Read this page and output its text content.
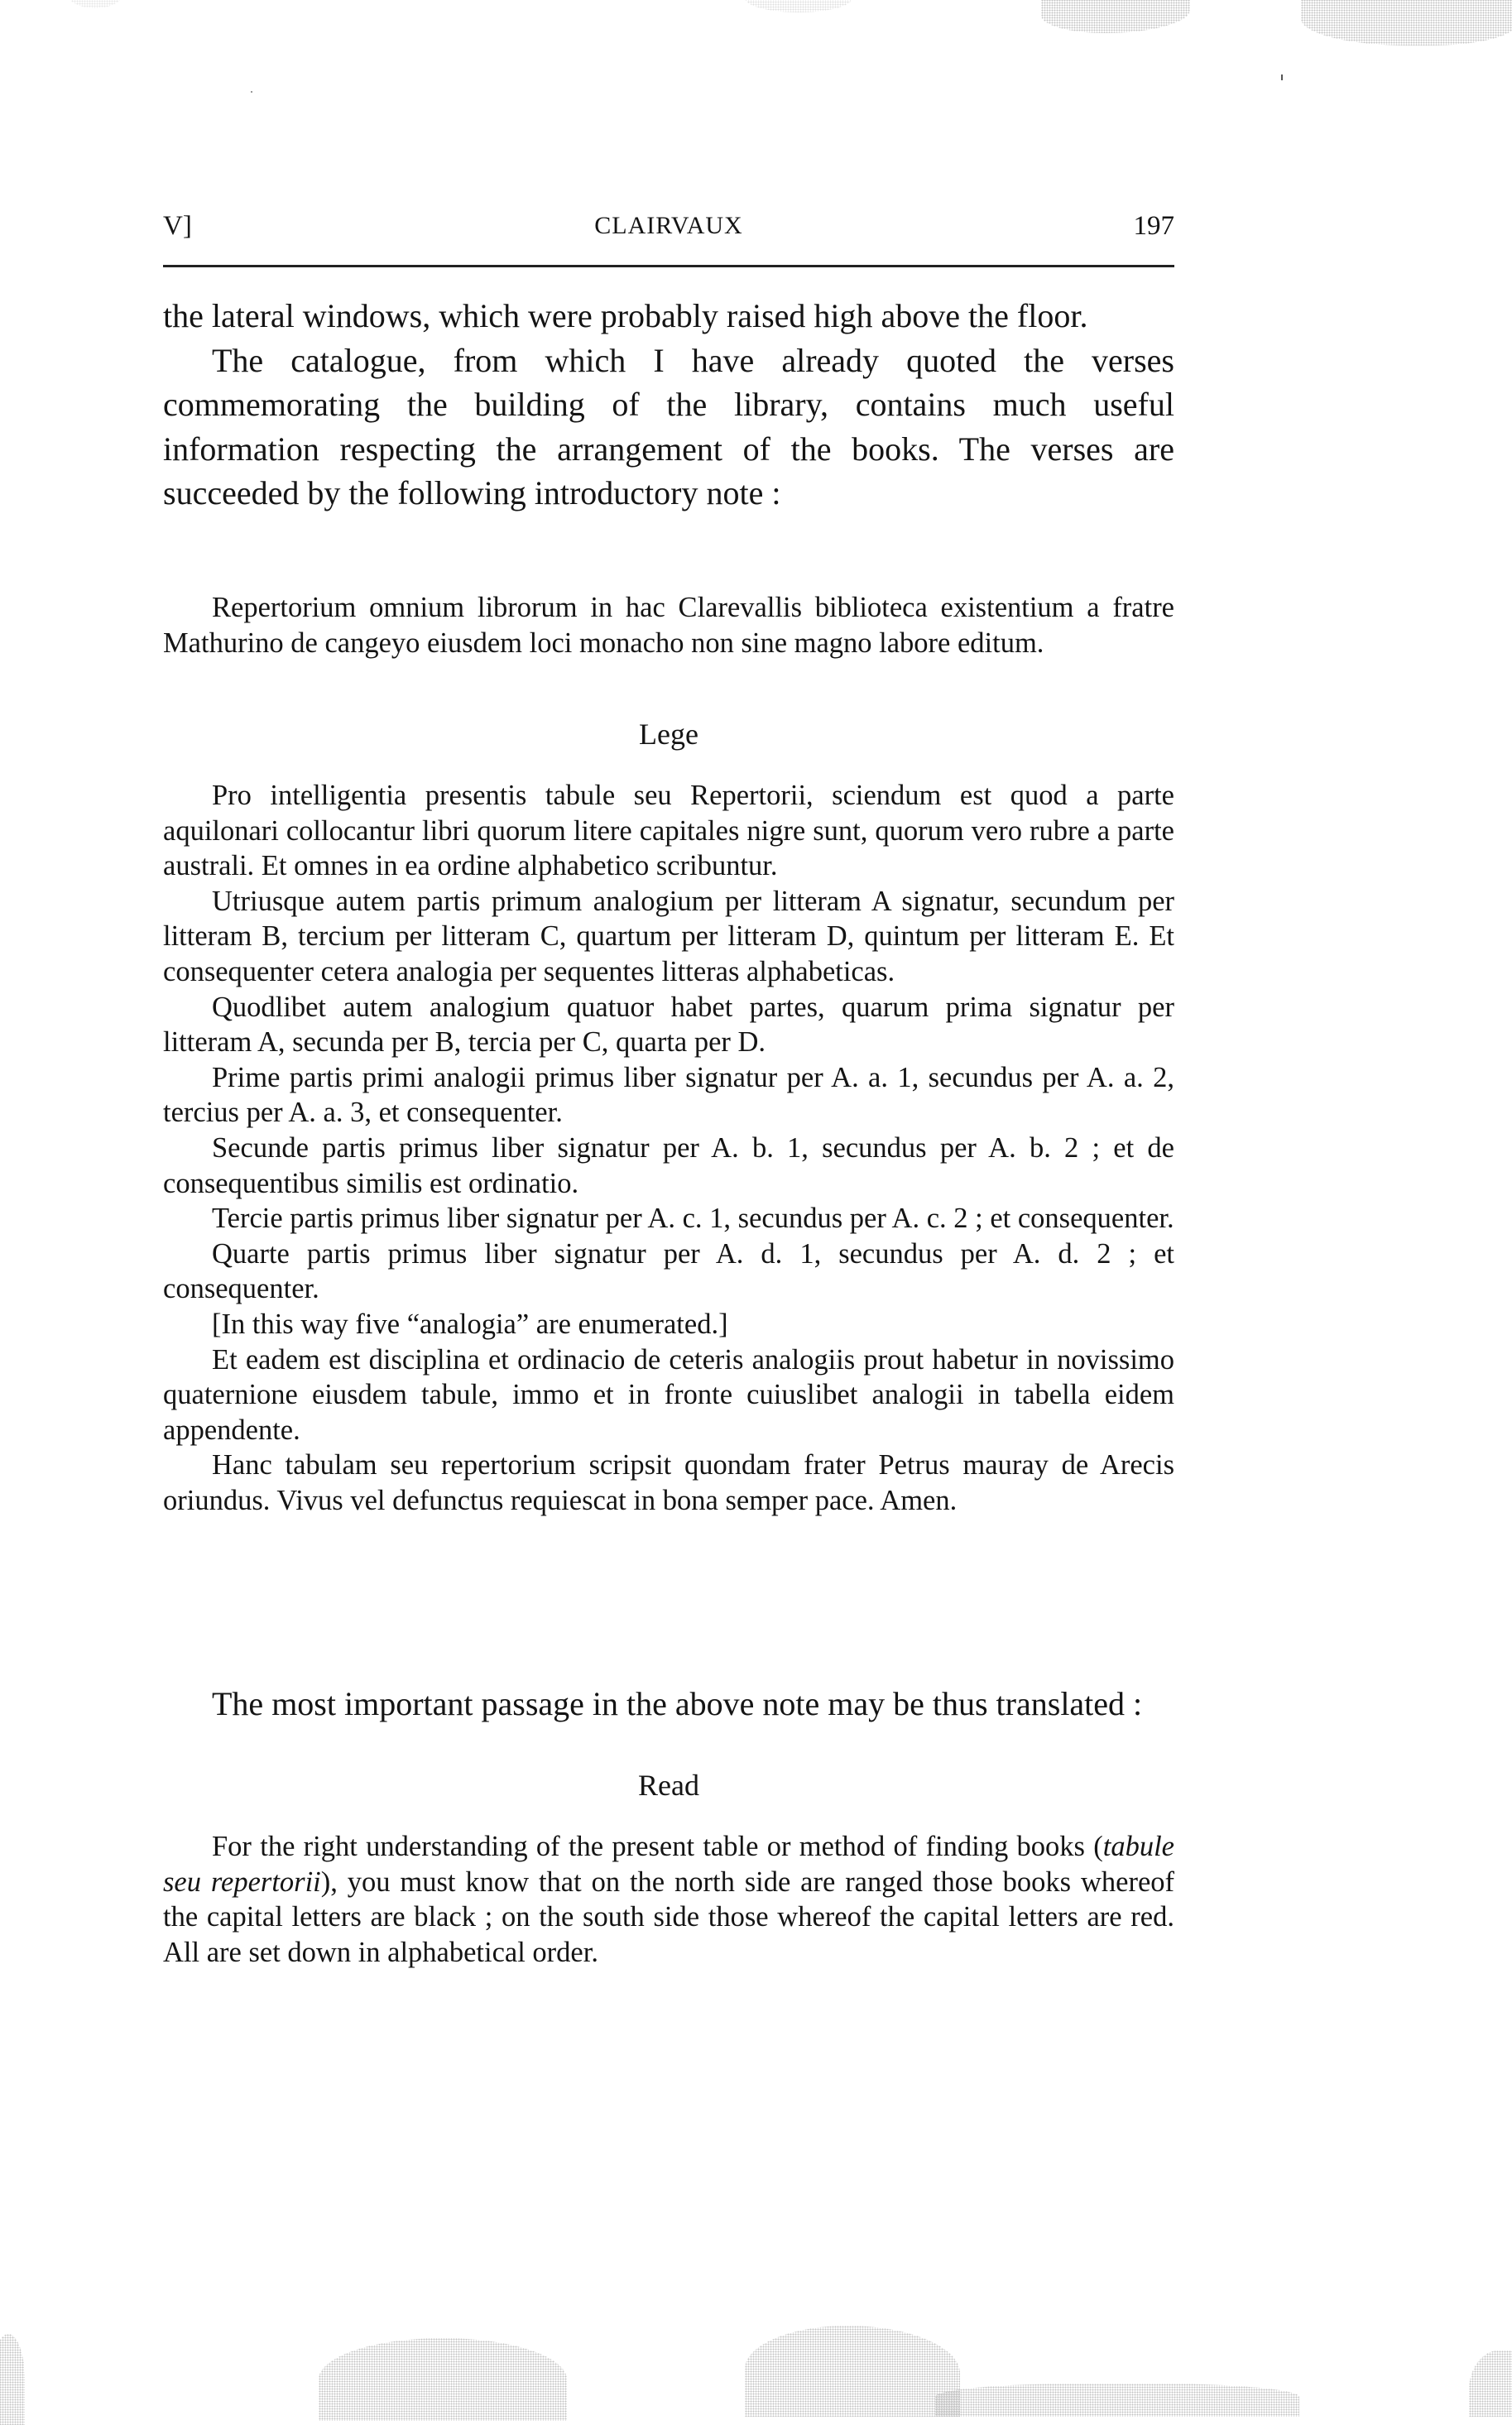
V]	CLAIRVAUX	197

the lateral windows, which were probably raised high above the floor.

The catalogue, from which I have already quoted the verses commemorating the building of the library, contains much useful information respecting the arrangement of the books. The verses are succeeded by the following introductory note :

Repertorium omnium librorum in hac Clarevallis biblioteca existentium a fratre Mathurino de cangeyo eiusdem loci monacho non sine magno labore editum.

Lege

Pro intelligentia presentis tabule seu Repertorii, sciendum est quod a parte aquilonari collocantur libri quorum litere capitales nigre sunt, quorum vero rubre a parte australi. Et omnes in ea ordine alphabetico scribuntur.

Utriusque autem partis primum analogium per litteram A signatur, secundum per litteram B, tercium per litteram C, quartum per litteram D, quintum per litteram E. Et consequenter cetera analogia per sequentes litteras alphabeticas.

Quodlibet autem analogium quatuor habet partes, quarum prima signatur per litteram A, secunda per B, tercia per C, quarta per D.

Prime partis primi analogii primus liber signatur per A. a. 1, secundus per A. a. 2, tercius per A. a. 3, et consequenter.

Secunde partis primus liber signatur per A. b. 1, secundus per A. b. 2 ; et de consequentibus similis est ordinatio.

Tercie partis primus liber signatur per A. c. 1, secundus per A. c. 2 ; et consequenter.

Quarte partis primus liber signatur per A. d. 1, secundus per A. d. 2 ; et consequenter.

[In this way five “analogia” are enumerated.]

Et eadem est disciplina et ordinacio de ceteris analogiis prout habetur in novissimo quaternione eiusdem tabule, immo et in fronte cuiuslibet analogii in tabella eidem appendente.

Hanc tabulam seu repertorium scripsit quondam frater Petrus mauray de Arecis oriundus. Vivus vel defunctus requiescat in bona semper pace. Amen.

The most important passage in the above note may be thus translated :

Read

For the right understanding of the present table or method of finding books (tabule seu repertorii), you must know that on the north side are ranged those books whereof the capital letters are black ; on the south side those whereof the capital letters are red. All are set down in alphabetical order.
